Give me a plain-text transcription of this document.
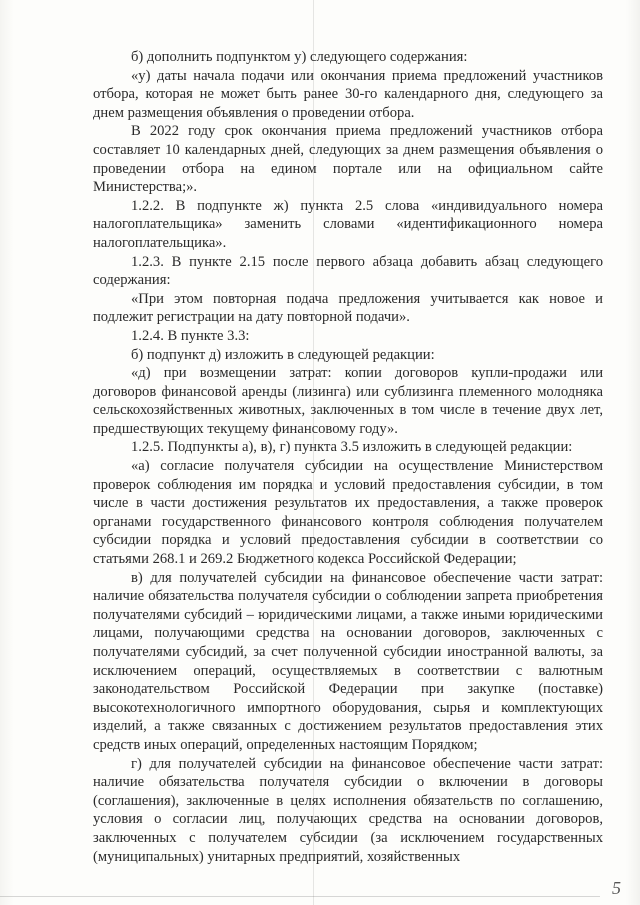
б) дополнить подпунктом у) следующего содержания:

«у) даты начала подачи или окончания приема предложений участников отбора, которая не может быть ранее 30-го календарного дня, следующего за днем размещения объявления о проведении отбора.

В 2022 году срок окончания приема предложений участников отбора составляет 10 календарных дней, следующих за днем размещения объявления о проведении отбора на едином портале или на официальном сайте Министерства;».

1.2.2. В подпункте ж) пункта 2.5 слова «индивидуального номера налогоплательщика» заменить словами «идентификационного номера налогоплательщика».

1.2.3. В пункте 2.15 после первого абзаца добавить абзац следующего содержания:

«При этом повторная подача предложения учитывается как новое и подлежит регистрации на дату повторной подачи».

1.2.4. В пункте 3.3:

б) подпункт д) изложить в следующей редакции:

«д) при возмещении затрат: копии договоров купли-продажи или договоров финансовой аренды (лизинга) или сублизинга племенного молодняка сельскохозяйственных животных, заключенных в том числе в течение двух лет, предшествующих текущему финансовому году».

1.2.5. Подпункты а), в), г) пункта 3.5 изложить в следующей редакции:

«а) согласие получателя субсидии на осуществление Министерством проверок соблюдения им порядка и условий предоставления субсидии, в том числе в части достижения результатов их предоставления, а также проверок органами государственного финансового контроля соблюдения получателем субсидии порядка и условий предоставления субсидии в соответствии со статьями 268.1 и 269.2 Бюджетного кодекса Российской Федерации;

в) для получателей субсидии на финансовое обеспечение части затрат: наличие обязательства получателя субсидии о соблюдении запрета приобретения получателями субсидий – юридическими лицами, а также иными юридическими лицами, получающими средства на основании договоров, заключенных с получателями субсидий, за счет полученной субсидии иностранной валюты, за исключением операций, осуществляемых в соответствии с валютным законодательством Российской Федерации при закупке (поставке) высокотехнологичного импортного оборудования, сырья и комплектующих изделий, а также связанных с достижением результатов предоставления этих средств иных операций, определенных настоящим Порядком;

г) для получателей субсидии на финансовое обеспечение части затрат: наличие обязательства получателя субсидии о включении в договоры (соглашения), заключенные в целях исполнения обязательств по соглашению, условия о согласии лиц, получающих средства на основании договоров, заключенных с получателем субсидии (за исключением государственных (муниципальных) унитарных предприятий, хозяйственных

5
